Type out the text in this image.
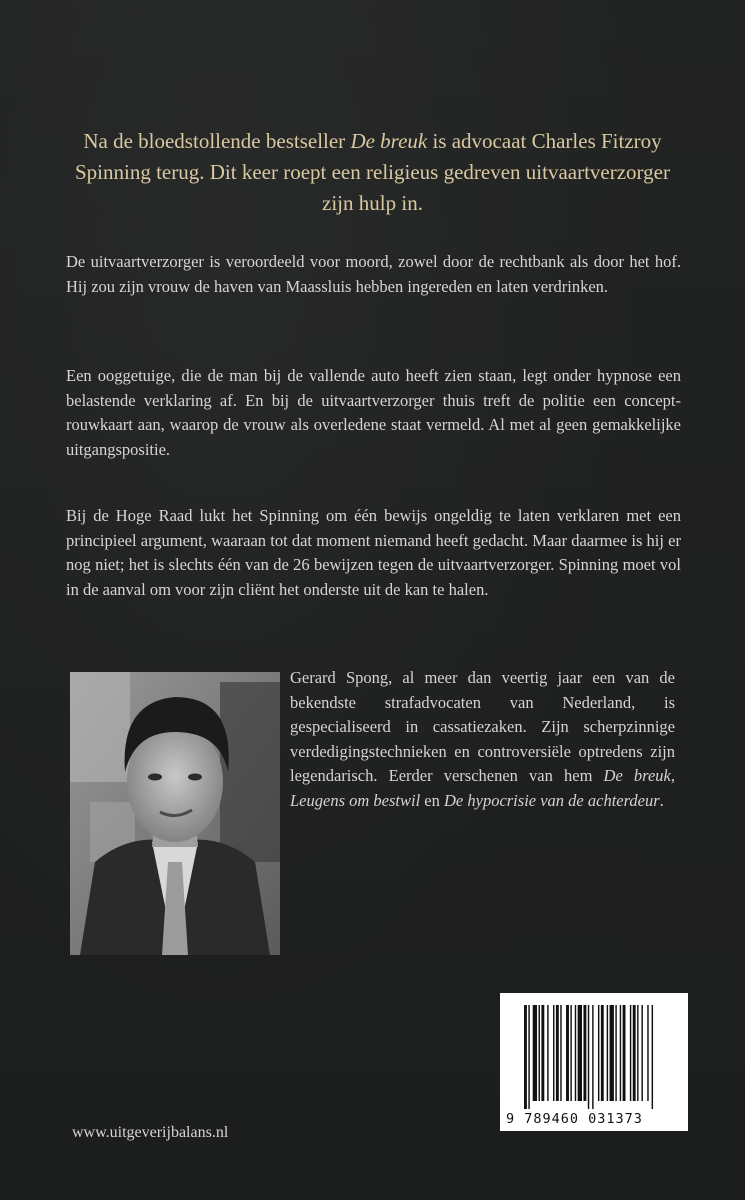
Na de bloedstollende bestseller De breuk is advocaat Charles Fitzroy Spinning terug. Dit keer roept een religieus gedreven uitvaartverzorger zijn hulp in.
De uitvaartverzorger is veroordeeld voor moord, zowel door de rechtbank als door het hof. Hij zou zijn vrouw de haven van Maassluis hebben ingereden en laten verdrinken.
Een ooggetuige, die de man bij de vallende auto heeft zien staan, legt onder hypnose een belastende verklaring af. En bij de uitvaartverzorger thuis treft de politie een concept-rouwkaart aan, waarop de vrouw als overledene staat vermeld. Al met al geen gemakkelijke uitgangspositie.
Bij de Hoge Raad lukt het Spinning om één bewijs ongeldig te laten verklaren met een principieel argument, waaraan tot dat moment niemand heeft gedacht. Maar daarmee is hij er nog niet; het is slechts één van de 26 bewijzen tegen de uitvaartverzorger. Spinning moet vol in de aanval om voor zijn cliënt het onderste uit de kan te halen.
Gerard Spong, al meer dan veertig jaar een van de bekendste strafadvocaten van Nederland, is gespecialiseerd in cassatiezaken. Zijn scherpzinnige verdedigingstechnieken en controversiële optredens zijn legendarisch. Eerder verschenen van hem De breuk, Leugens om bestwil en De hypocrisie van de achterdeur.
9 789460 031373
www.uitgeverijbalans.nl
